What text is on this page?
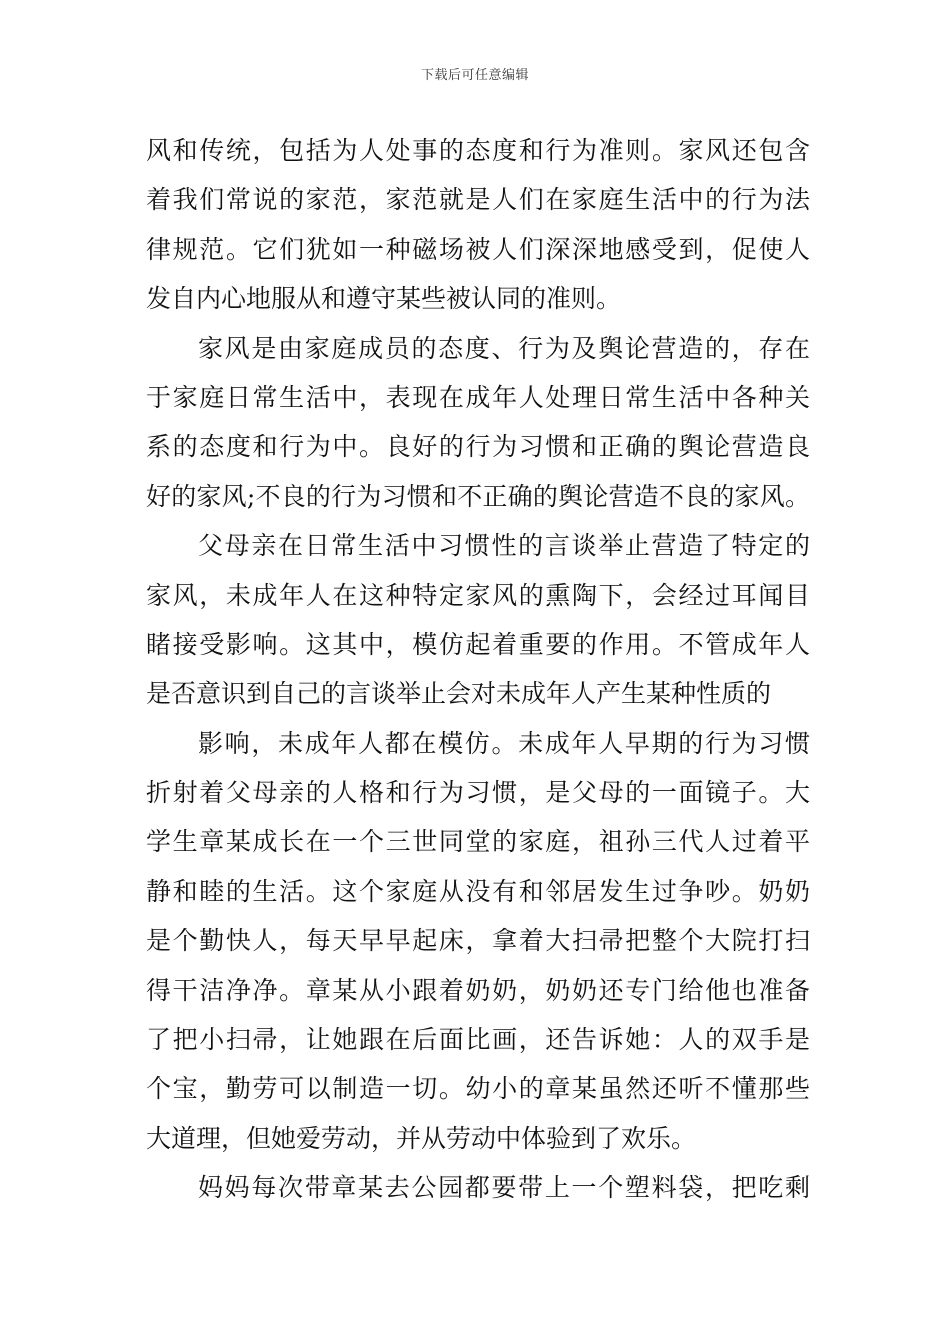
下载后可任意编辑
风和传统，包括为人处事的态度和行为准则。家风还包含
着我们常说的家范，家范就是人们在家庭生活中的行为法
律规范。它们犹如一种磁场被人们深深地感受到，促使人
发自内心地服从和遵守某些被认同的准则。
家风是由家庭成员的态度、行为及舆论营造的，存在
于家庭日常生活中，表现在成年人处理日常生活中各种关
系的态度和行为中。良好的行为习惯和正确的舆论营造良
好的家风;不良的行为习惯和不正确的舆论营造不良的家风。
父母亲在日常生活中习惯性的言谈举止营造了特定的
家风，未成年人在这种特定家风的熏陶下，会经过耳闻目
睹接受影响。这其中，模仿起着重要的作用。不管成年人
是否意识到自己的言谈举止会对未成年人产生某种性质的
影响，未成年人都在模仿。未成年人早期的行为习惯
折射着父母亲的人格和行为习惯，是父母的一面镜子。大
学生章某成长在一个三世同堂的家庭，祖孙三代人过着平
静和睦的生活。这个家庭从没有和邻居发生过争吵。奶奶
是个勤快人，每天早早起床，拿着大扫帚把整个大院打扫
得干洁净净。章某从小跟着奶奶，奶奶还专门给他也准备
了把小扫帚，让她跟在后面比画，还告诉她：人的双手是
个宝，勤劳可以制造一切。幼小的章某虽然还听不懂那些
大道理，但她爱劳动，并从劳动中体验到了欢乐。
妈妈每次带章某去公园都要带上一个塑料袋，把吃剩
